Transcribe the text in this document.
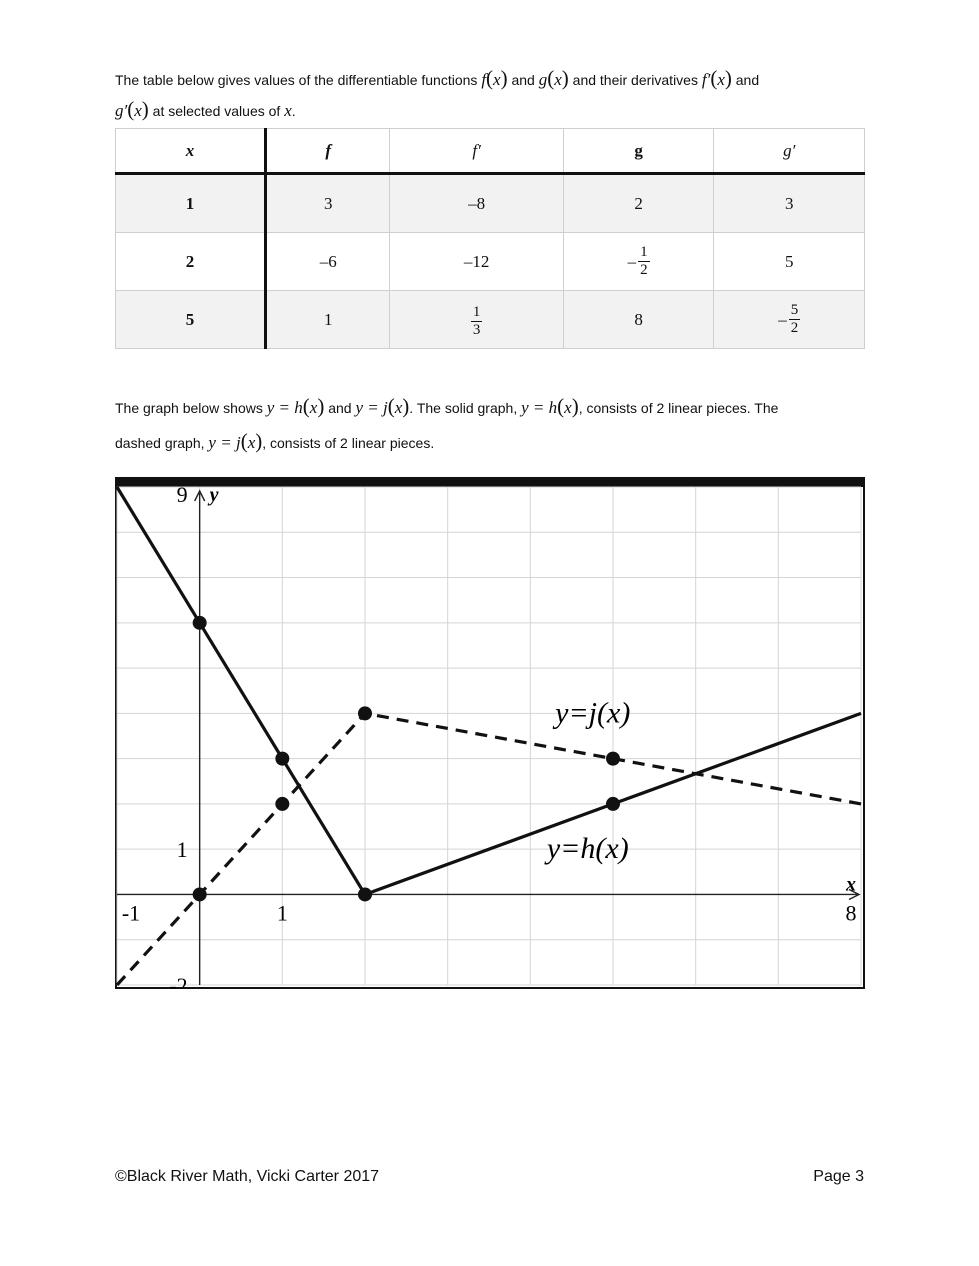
The table below gives values of the differentiable functions f(x) and g(x) and their derivatives f′(x) and
g′(x) at selected values of x.
x	f	f′	g	g′
1	3	–8	2	3
2	–6	–12	– $\frac{1}{2}$	5
5	1	$\frac{1}{3}$	8	– $\frac{5}{2}$
The graph below shows y = h(x) and y = j(x). The solid graph, y = h(x), consists of 2 linear pieces. The
dashed graph, y = j(x), consists of 2 linear pieces.
-1	1	8
9
1
-2
x
y
y=j(x)
y=h(x)
©Black River Math, Vicki Carter 2017	Page 3
